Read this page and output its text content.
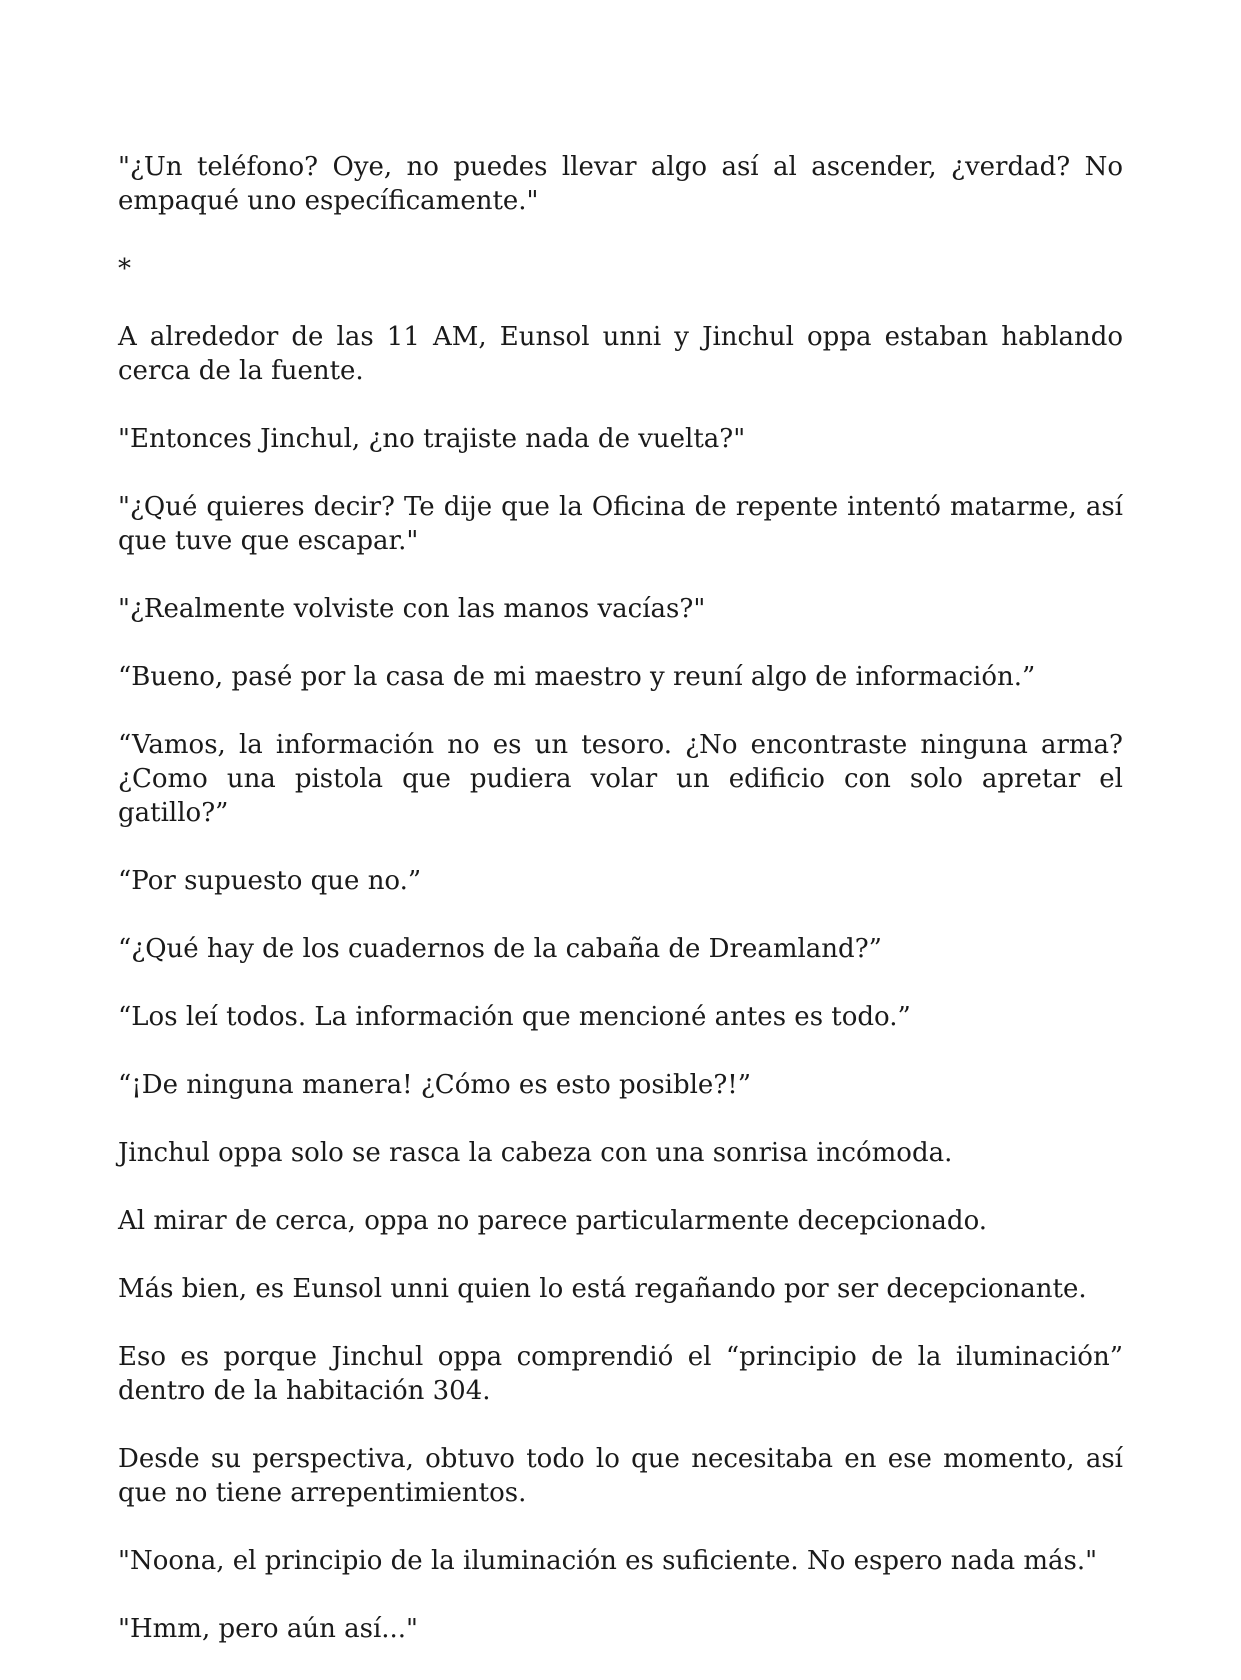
"¿Un teléfono? Oye, no puedes llevar algo así al ascender, ¿verdad? No empaqué uno específicamente."

*

A alrededor de las 11 AM, Eunsol unni y Jinchul oppa estaban hablando cerca de la fuente.

"Entonces Jinchul, ¿no trajiste nada de vuelta?"

"¿Qué quieres decir? Te dije que la Oficina de repente intentó matarme, así que tuve que escapar."

"¿Realmente volviste con las manos vacías?"

“Bueno, pasé por la casa de mi maestro y reuní algo de información.”

“Vamos, la información no es un tesoro. ¿No encontraste ninguna arma? ¿Como una pistola que pudiera volar un edificio con solo apretar el gatillo?”

“Por supuesto que no.”

“¿Qué hay de los cuadernos de la cabaña de Dreamland?”

“Los leí todos. La información que mencioné antes es todo.”

“¡De ninguna manera! ¿Cómo es esto posible?!”

Jinchul oppa solo se rasca la cabeza con una sonrisa incómoda.

Al mirar de cerca, oppa no parece particularmente decepcionado.

Más bien, es Eunsol unni quien lo está regañando por ser decepcionante.

Eso es porque Jinchul oppa comprendió el “principio de la iluminación” dentro de la habitación 304.

Desde su perspectiva, obtuvo todo lo que necesitaba en ese momento, así que no tiene arrepentimientos.

"Noona, el principio de la iluminación es suficiente. No espero nada más."

"Hmm, pero aún así..."
